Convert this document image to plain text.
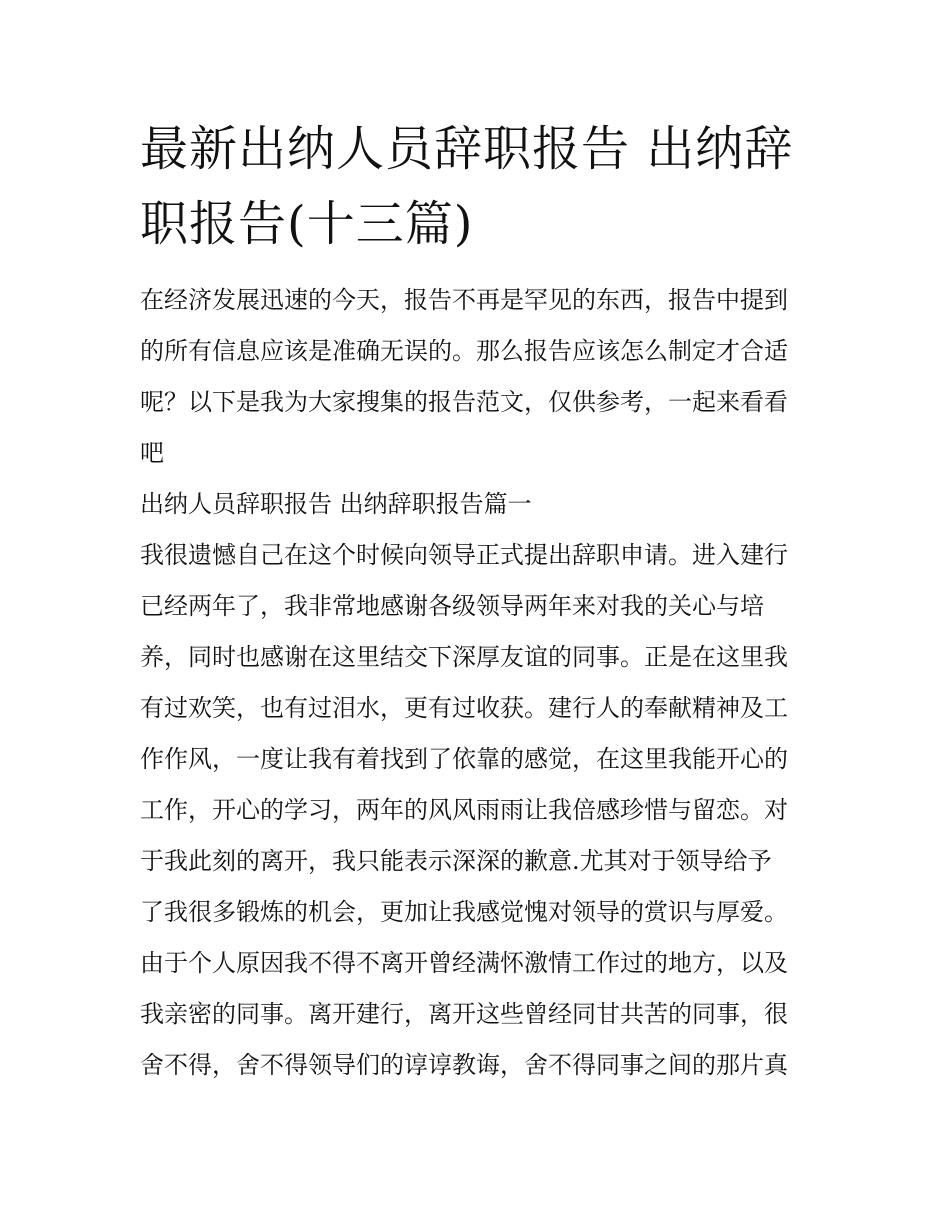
最新出纳人员辞职报告 出纳辞
职报告(十三篇)
在经济发展迅速的今天，报告不再是罕见的东西，报告中提到
的所有信息应该是准确无误的。那么报告应该怎么制定才合适
呢？以下是我为大家搜集的报告范文，仅供参考，一起来看看
吧
出纳人员辞职报告 出纳辞职报告篇一
我很遗憾自己在这个时候向领导正式提出辞职申请。进入建行
已经两年了，我非常地感谢各级领导两年来对我的关心与培
养，同时也感谢在这里结交下深厚友谊的同事。正是在这里我
有过欢笑，也有过泪水，更有过收获。建行人的奉献精神及工
作作风，一度让我有着找到了依靠的感觉，在这里我能开心的
工作，开心的学习，两年的风风雨雨让我倍感珍惜与留恋。对
于我此刻的离开，我只能表示深深的歉意.尤其对于领导给予
了我很多锻炼的机会，更加让我感觉愧对领导的赏识与厚爱。
由于个人原因我不得不离开曾经满怀激情工作过的地方，以及
我亲密的同事。离开建行，离开这些曾经同甘共苦的同事，很
舍不得，舍不得领导们的谆谆教诲，舍不得同事之间的那片真
